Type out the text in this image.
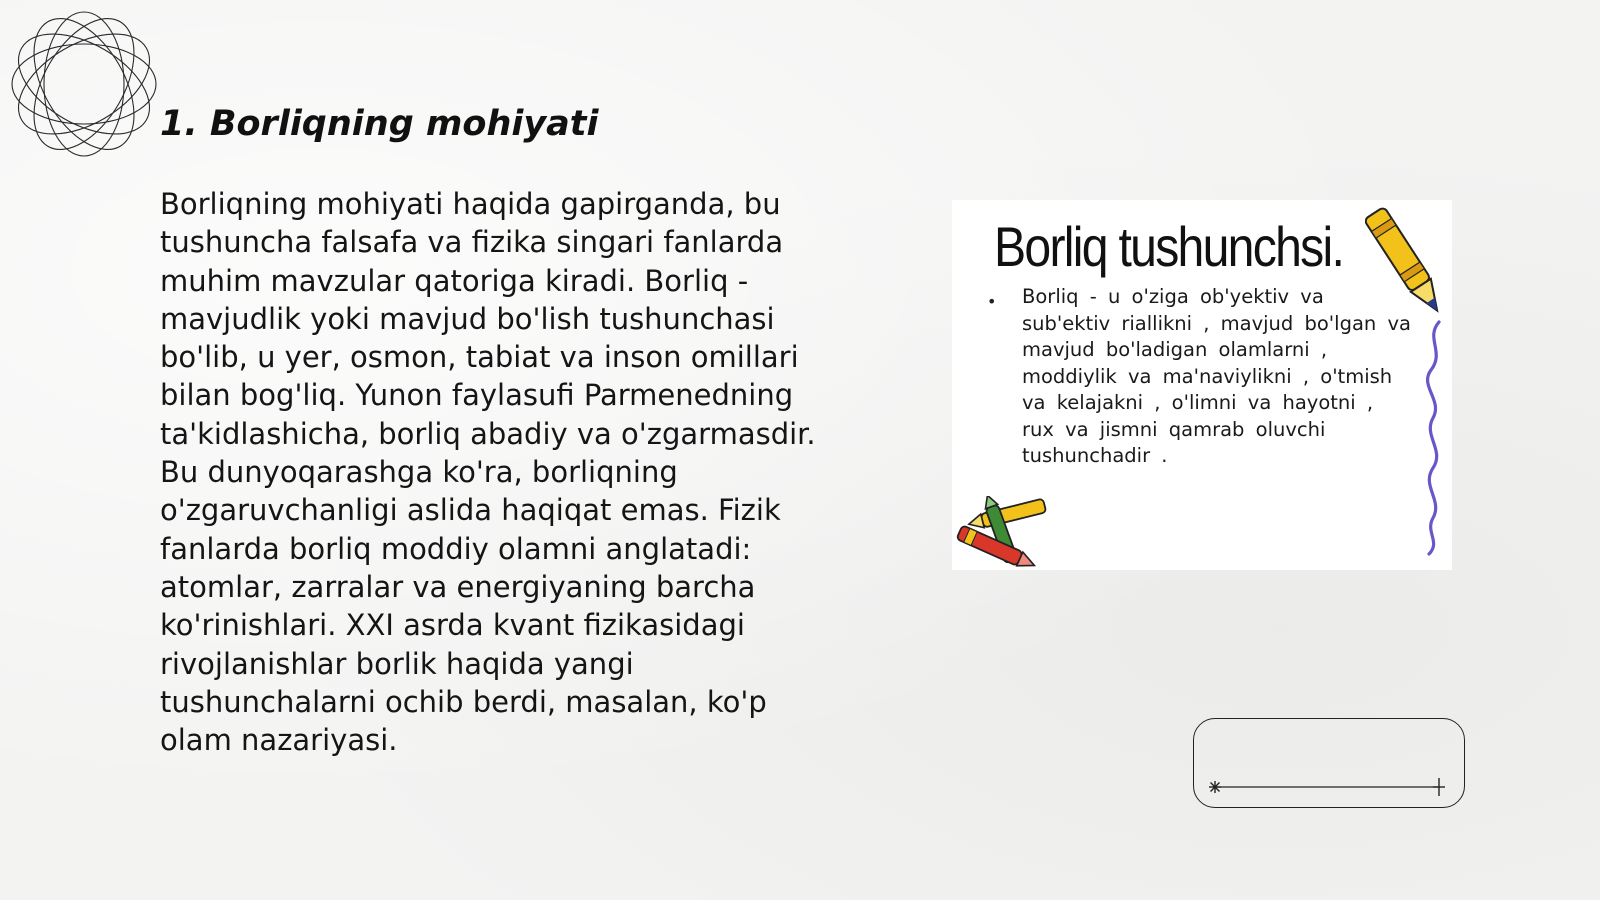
1. Borliqning mohiyati

Borliqning mohiyati haqida gapirganda, bu tushuncha falsafa va fizika singari fanlarda muhim mavzular qatoriga kiradi. Borliq - mavjudlik yoki mavjud bo'lish tushunchasi bo'lib, u yer, osmon, tabiat va inson omillari bilan bog'liq. Yunon faylasufi Parmenedning ta'kidlashicha, borliq abadiy va o'zgarmasdir. Bu dunyoqarashga ko'ra, borliqning o'zgaruvchanligi aslida haqiqat emas. Fizik fanlarda borliq moddiy olamni anglatadi: atomlar, zarralar va energiyaning barcha ko'rinishlari. XXI asrda kvant fizikasidagi rivojlanishlar borlik haqida yangi tushunchalarni ochib berdi, masalan, ko'p olam nazariyasi.

Borliq tushunchsi.
• Borliq - u o'ziga ob'yektiv va sub'ektiv riallikni , mavjud bo'lgan va mavjud bo'ladigan olamlarni , moddiylik va ma'naviylikni , o'tmish va kelajakni , o'limni va hayotni , rux va jismni qamrab oluvchi tushunchadir .
